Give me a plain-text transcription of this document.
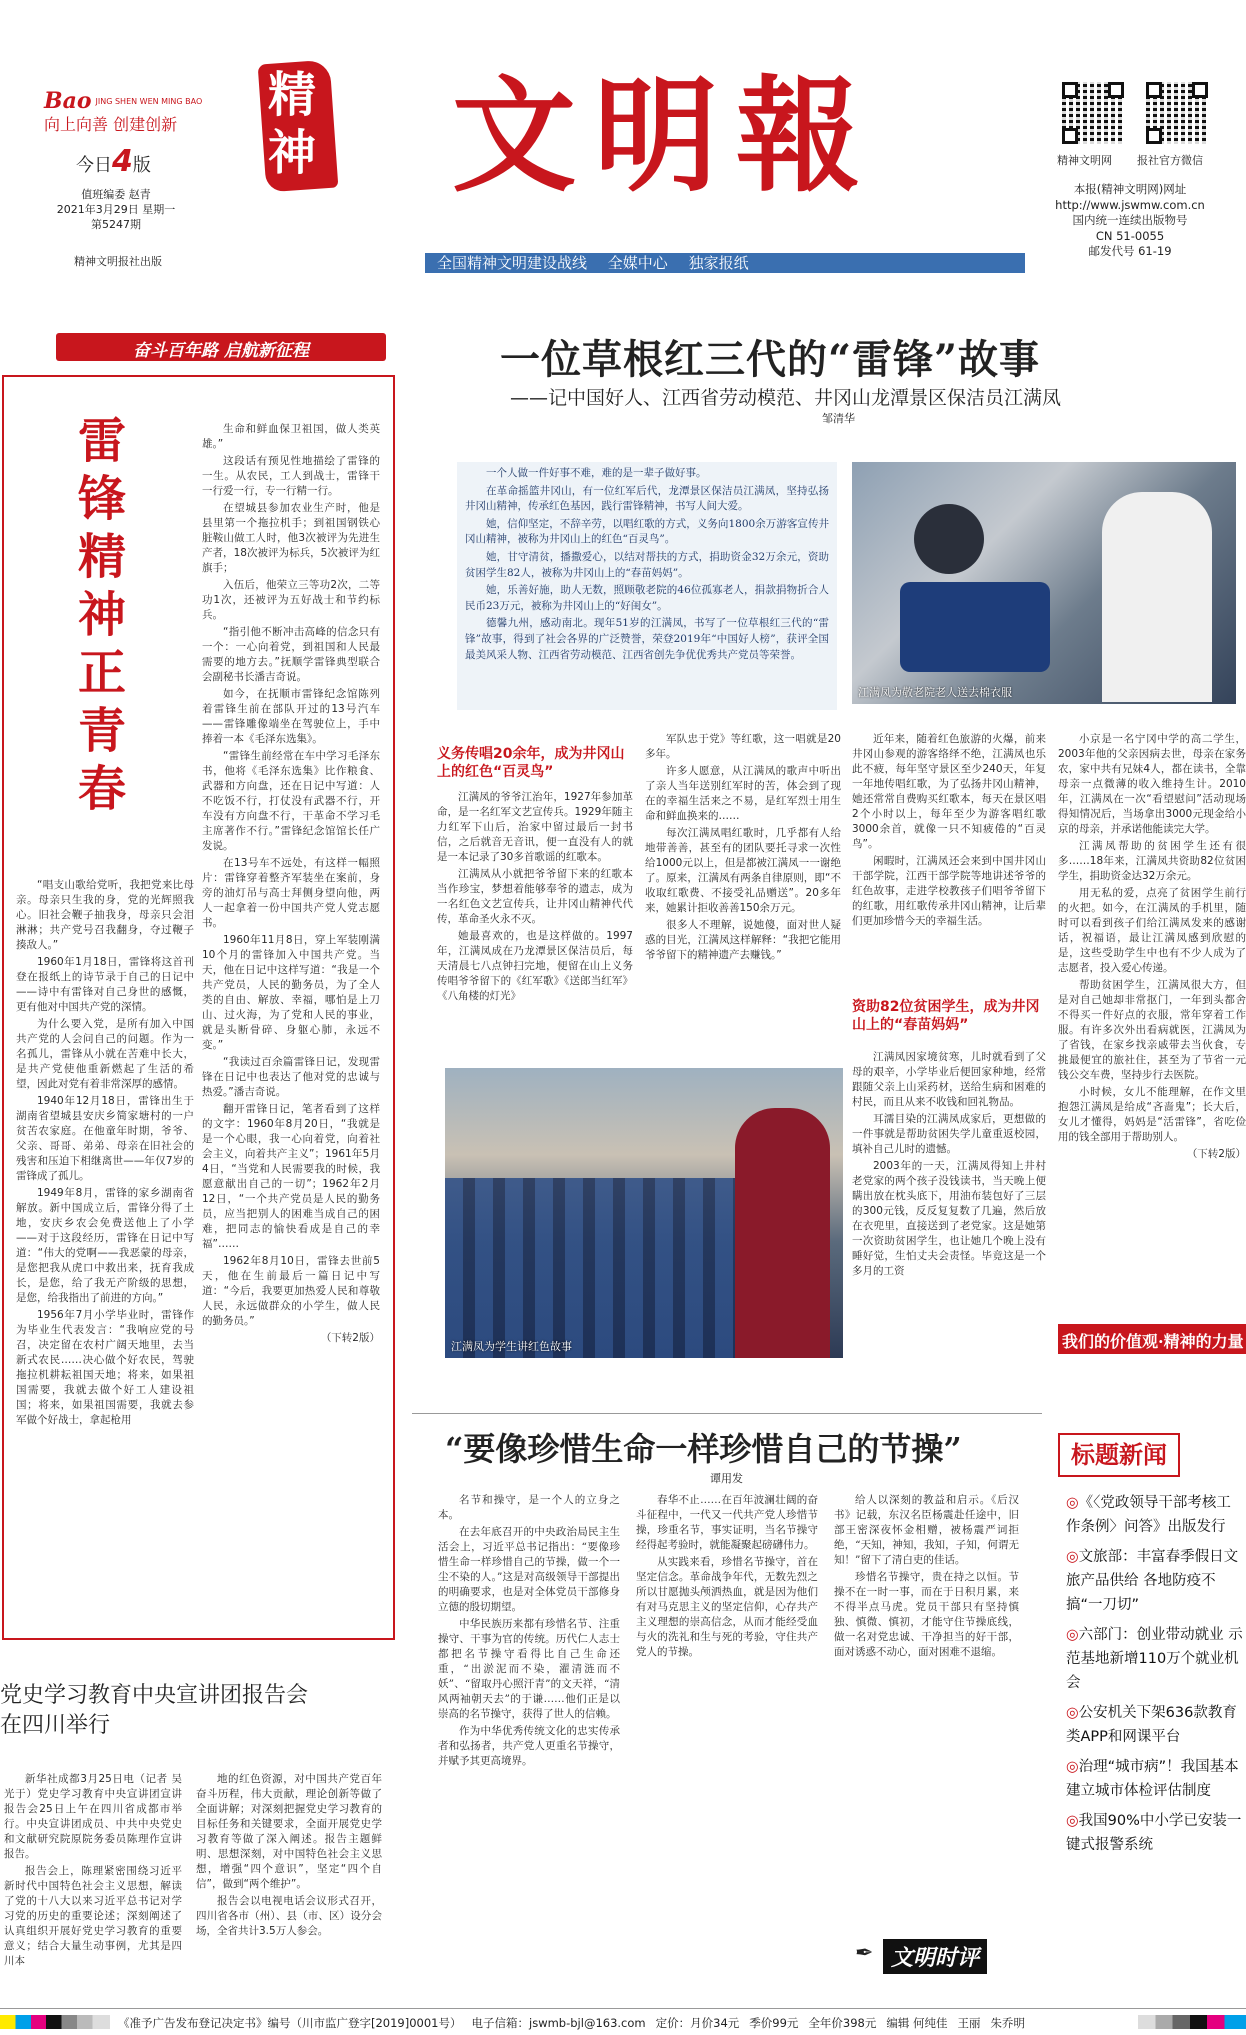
Bao JING SHEN WEN MING BAO
向上向善 创建创新
今日4版
值班编委 赵青
2021年3月29日 星期一
第5247期
精神文明报社出版
精
神 文明報
全国精神文明建设战线 全媒中心 独家报纸
精神文明网 报社官方微信
本报(精神文明网)网址
http://www.jswmw.com.cn
国内统一连续出版物号
CN 51-0055
邮发代号 61-19
奋斗百年路 启航新征程
雷锋精神正青春

“唱支山歌给党听，我把党来比母亲。母亲只生我的身，党的光辉照我心。旧社会鞭子抽我身，母亲只会泪淋淋；共产党号召我翻身，夺过鞭子揍敌人。”

1960年1月18日，雷锋将这首刊登在报纸上的诗节录于自己的日记中——诗中有雷锋对自己身世的感慨，更有他对中国共产党的深情。

为什么要入党，是所有加入中国共产党的人会问自己的问题。作为一名孤儿，雷锋从小就在苦难中长大，是共产党使他重新燃起了生活的希望，因此对党有着非常深厚的感情。

1940年12月18日，雷锋出生于湖南省望城县安庆乡简家塘村的一户贫苦农家庭。在他童年时期，爷爷、父亲、哥哥、弟弟、母亲在旧社会的残害和压迫下相继离世——年仅7岁的雷锋成了孤儿。

1949年8月，雷锋的家乡湖南省解放。新中国成立后，雷锋分得了土地，安庆乡农会免费送他上了小学——对于这段经历，雷锋在日记中写道：“伟大的党啊——我恶蒙的母亲，是您把我从虎口中救出来，抚育我成长，是您，给了我无产阶级的思想，是您，给我指出了前进的方向。”

1956年7月小学毕业时，雷锋作为毕业生代表发言：“我响应党的号召，决定留在农村广阔天地里，去当新式农民……决心做个好农民，驾驶拖拉机耕耘祖国天地；将来，如果祖国需要，我就去做个好工人建设祖国；将来，如果祖国需要，我就去参军做个好战士，拿起枪用

生命和鲜血保卫祖国，做人类英雄。”

这段话有预见性地描绘了雷锋的一生。从农民，工人到战士，雷锋干一行爱一行，专一行精一行。

在望城县参加农业生产时，他是县里第一个拖拉机手；到祖国钢铁心脏鞍山做工人时，他3次被评为先进生产者，18次被评为标兵，5次被评为红旗手；

入伍后，他荣立三等功2次，二等功1次，还被评为五好战士和节约标兵。

“指引他不断冲击高峰的信念只有一个：一心向着党，到祖国和人民最需要的地方去。”抚顺学雷锋典型联合会副秘书长潘吉奇说。

如今，在抚顺市雷锋纪念馆陈列着雷锋生前在部队开过的13号汽车——雷锋雕像端坐在驾驶位上，手中捧着一本《毛泽东选集》。

“雷锋生前经常在车中学习毛泽东书，他将《毛泽东选集》比作粮食、武器和方向盘，还在日记中写道：人不吃饭不行，打仗没有武器不行，开车没有方向盘不行，干革命不学习毛主席著作不行。”雷锋纪念馆馆长任广发说。

在13号车不远处，有这样一幅照片：雷锋穿着整齐军装坐在案前，身旁的油灯吊与高士拜侧身望向他，两人一起拿着一份中国共产党人党志愿书。

1960年11月8日，穿上军装刚满10个月的雷锋加入中国共产党。当天，他在日记中这样写道：“我是一个共产党员，人民的勤务员，为了全人类的自由、解放、幸福，哪怕是上刀山、过火海，为了党和人民的事业，就是头断骨碎、身躯心肺，永远不变。”

“我读过百余篇雷锋日记，发现雷锋在日记中也表达了他对党的忠诚与热爱。”潘吉奇说。

翻开雷锋日记，笔者看到了这样的文字：1960年8月20日，“我就是是一个心眼，我一心向着党，向着社会主义，向着共产主义”；1961年5月4日，“当党和人民需要我的时候，我愿意献出自己的一切”；1962年2月12日，“一个共产党员是人民的勤务员，应当把别人的困难当成自己的困难，把同志的愉快看成是自己的幸福”……

1962年8月10日，雷锋去世前5天，他在生前最后一篇日记中写道：“今后，我要更加热爱人民和尊敬人民，永远做群众的小学生，做人民的勤务员。”

（下转2版）
一位草根红三代的“雷锋”故事
——记中国好人、江西省劳动模范、井冈山龙潭景区保洁员江满凤
邹清华

一个人做一件好事不难，难的是一辈子做好事。

在革命摇篮井冈山，有一位红军后代，龙潭景区保洁员江满凤，坚持弘扬井冈山精神，传承红色基因，践行雷锋精神，书写人间大爱。

她，信仰坚定，不辞辛劳，以唱红歌的方式，义务向1800余万游客宣传井冈山精神，被称为井冈山上的红色“百灵鸟”。

她，甘守清贫，播撒爱心，以结对帮扶的方式，捐助资金32万余元，资助贫困学生82人，被称为井冈山上的“春苗妈妈”。

她，乐善好施，助人无数，照顾敬老院的46位孤寡老人，捐款捐物折合人民币23万元，被称为井冈山上的“好闺女”。

德馨九州，感动南北。现年51岁的江满凤，书写了一位草根红三代的“雷锋”故事，得到了社会各界的广泛赞誉，荣登2019年“中国好人榜”，获评全国最美风采人物、江西省劳动模范、江西省创先争优优秀共产党员等荣誉。

江满凤为敬老院老人送去棉衣服
义务传唱20余年，成为井冈山上的红色“百灵鸟”

江满凤的爷爷江治年，1927年参加革命，是一名红军文艺宣传兵。1929年随主力红军下山后，治家中留过最后一封书信，之后就音无音讯，便一直没有人的就是一本记录了30多首歌谣的红歌本。

江满凤从小就把爷爷留下来的红歌本当作珍宝，梦想着能够奉爷的遗志，成为一名红色文艺宣传兵，让井冈山精神代代传，革命圣火永不灭。

她最喜欢的，也是这样做的。1997年，江满凤成在乃龙潭景区保洁员后，每天清晨七八点钟扫完地，便留在山上义务传唱爷爷留下的《红军歌》《送郎当红军》《八角楼的灯光》

军队忠于党》等红歌，这一唱就是20多年。

许多人愿意，从江满凤的歌声中听出了亲人当年送别红军时的苦，体会到了现在的幸福生活来之不易，是红军烈士用生命和鲜血换来的……

每次江满凤唱红歌时，几乎都有人给地带善善，甚至有的团队要托寻求一次性给1000元以上，但是都被江满凤一一谢绝了。原来，江满凤有两条自律原则，即“不收取红歌费、不接受礼品赠送”。20多年来，她累计拒收善善150余万元。

很多人不理解，说她傻，面对世人疑惑的目光，江满凤这样解释：“我把它能用爷爷留下的精神遗产去赚钱。”

近年来，随着红色旅游的火爆，前来井冈山参观的游客络绎不绝，江满凤也乐此不疲，每年坚守景区至少240天，年复一年地传唱红歌，为了弘扬井冈山精神，她还常常自费购买红歌本，每天在景区唱2个小时以上，每年至少为游客唱红歌3000余首，就像一只不知疲倦的“百灵鸟”。

闲暇时，江满凤还会来到中国井冈山干部学院，江西干部学院等地讲述爷爷的红色故事，走进学校教孩子们唱爷爷留下的红歌，用红歌传承井冈山精神，让后辈们更加珍惜今天的幸福生活。

资助82位贫困学生，成为井冈山上的“春苗妈妈”

江满凤因家境贫寒，儿时就看到了父母的艰辛，小学毕业后便回家种地，经常跟随父亲上山采药材，送给生病和困难的村民，而且从来不收钱和回礼物品。

耳濡目染的江满凤成家后，更想做的一件事就是帮助贫困失学儿童重返校园，填补自己儿时的遗憾。

2003年的一天，江满凤得知上井村老党家的两个孩子没钱读书，当天晚上便瞒出放在枕头底下，用油布装包好了三层的300元钱，反反复复数了几遍，然后放在衣兜里，直接送到了老党家。这是她第一次资助贫困学生，也让她几个晚上没有睡好觉，生怕丈夫会责怪。毕竟这是一个多月的工资

江满凤为学生讲红色故事

小京是一名宁冈中学的高二学生，2003年他的父亲因病去世，母亲在家务农，家中共有兄妹4人，都在读书，全靠母亲一点微薄的收入维持生计。2010年，江满凤在一次“看望慰问”活动现场得知情况后，当场拿出3000元现金给小京的母亲，并承诺他能读完大学。

江满凤帮助的贫困学生还有很多……18年来，江满凤共资助82位贫困学生，捐助资金达32万余元。

用无私的爱，点亮了贫困学生前行的火把。如今，在江满凤的手机里，随时可以看到孩子们给江满凤发来的感谢话，祝福语，最让江满凤感到欣慰的是，这些受助学生中也有不少人成为了志愿者，投入爱心传递。

帮助贫困学生，江满凤很大方，但是对自己她却非常抠门，一年到头都舍不得买一件好点的衣服，常年穿着工作服。有许多次外出看病就医，江满凤为了省钱，在家乡找亲戚带去当伙食，专挑最便宜的旅社住，甚至为了节省一元钱公交车费，坚持步行去医院。

小时候，女儿不能理解，在作文里抱怨江满凤是给成“吝啬鬼”；长大后，女儿才懂得，妈妈是“活雷锋”，省吃俭用的钱全部用于帮助别人。

（下转2版）
我们的价值观·精神的力量
“要像珍惜生命一样珍惜自己的节操”
谭用发

名节和操守，是一个人的立身之本。

在去年底召开的中央政治局民主生活会上，习近平总书记指出：“要像珍惜生命一样珍惜自己的节操，做一个一尘不染的人。”这是对高级领导干部提出的明确要求，也是对全体党员干部修身立德的殷切期望。

中华民族历来都有珍惜名节、注重操守、干事为官的传统。历代仁人志士都把名节操守看得比自己生命还重，“出淤泥而不染，濯清涟而不妖”、“留取丹心照汗青”的文天祥，“清风两袖朝天去”的于谦……他们正是以崇高的名节操守，获得了世人的信赖。

作为中华优秀传统文化的忠实传承者和弘扬者，共产党人更重名节操守，并赋予其更高境界。

春华不止……在百年波澜壮阔的奋斗征程中，一代又一代共产党人珍惜节操，珍重名节，事实证明，当名节操守经得起考验时，就能凝聚起磅礴伟力。

从实践来看，珍惜名节操守，首在坚定信念。革命战争年代，无数先烈之所以甘愿抛头颅洒热血，就是因为他们有对马克思主义的坚定信仰，心存共产主义理想的崇高信念，从而才能经受血与火的洗礼和生与死的考验，守住共产党人的节操。

给人以深刻的教益和启示。《后汉书》记载，东汉名臣杨震赴任途中，旧部王密深夜怀金相赠，被杨震严词拒绝，“天知，神知，我知，子知，何谓无知！”留下了清白吏的佳话。

珍惜名节操守，贵在持之以恒。节操不在一时一事，而在于日积月累，来不得半点马虎。党员干部只有坚持慎独、慎微、慎初，才能守住节操底线，做一名对党忠诚、干净担当的好干部，面对诱惑不动心，面对困难不退缩。

✒ 文明时评
标题新闻
◎《〈党政领导干部考核工作条例〉问答》出版发行
◎文旅部：丰富春季假日文旅产品供给 各地防疫不搞“一刀切”
◎六部门：创业带动就业 示范基地新增110万个就业机会
◎公安机关下架636款教育类APP和网课平台
◎治理“城市病”！我国基本建立城市体检评估制度
◎我国90%中小学已安装一键式报警系统
党史学习教育中央宣讲团报告会
在四川举行

新华社成都3月25日电（记者 吴光于）党史学习教育中央宣讲团宣讲报告会25日上午在四川省成都市举行。中央宣讲团成员、中共中央党史和文献研究院原院务委员陈理作宣讲报告。

报告会上，陈理紧密围绕习近平新时代中国特色社会主义思想，解读了党的十八大以来习近平总书记对学习党的历史的重要论述；深刻阐述了认真组织开展好党史学习教育的重要意义；结合大量生动事例，尤其是四川本

地的红色资源，对中国共产党百年奋斗历程，伟大贡献，理论创新等做了全面讲解；对深刻把握党史学习教育的目标任务和关键要求，全面开展党史学习教育等做了深入阐述。报告主题鲜明、思想深刻，对中国特色社会主义思想，增强“四个意识”，坚定“四个自信”，做到“两个维护”。

报告会以电视电话会议形式召开，四川省各市（州）、县（市、区）设分会场，全省共计3.5万人参会。

《准予广告发布登记决定书》编号（川市监广登字[2019]0001号） 电子信箱：jswmb-bjl@163.com 定价：月价34元 季价99元 全年价398元 编辑 何纯佳 王丽 朱乔明
